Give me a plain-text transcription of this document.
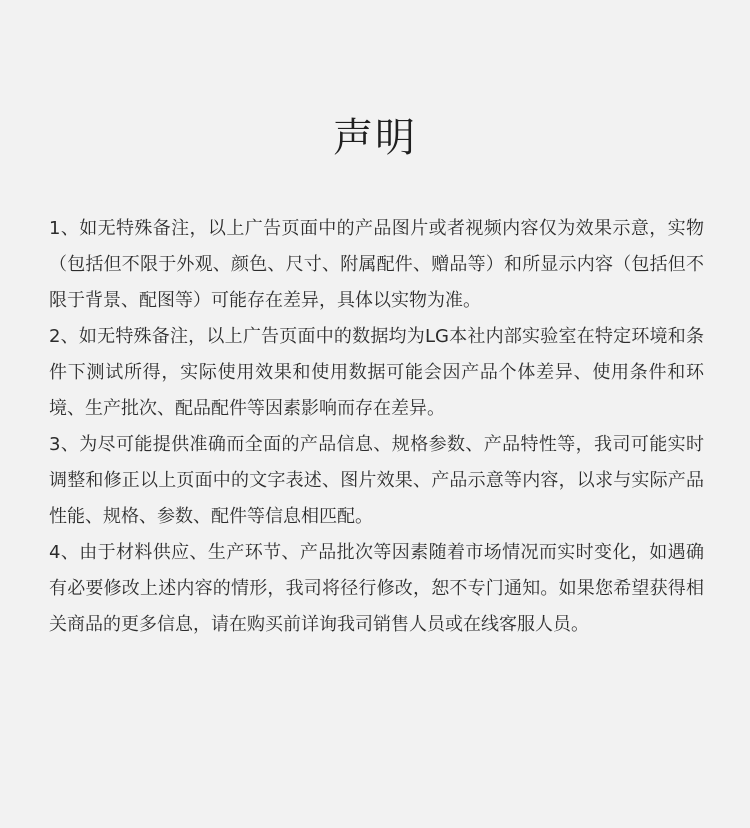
声明

1、如无特殊备注，以上广告页面中的产品图片或者视频内容仅为效果示意，实物（包括但不限于外观、颜色、尺寸、附属配件、赠品等）和所显示内容（包括但不限于背景、配图等）可能存在差异，具体以实物为准。

2、如无特殊备注，以上广告页面中的数据均为LG本社内部实验室在特定环境和条件下测试所得，实际使用效果和使用数据可能会因产品个体差异、使用条件和环境、生产批次、配品配件等因素影响而存在差异。

3、为尽可能提供准确而全面的产品信息、规格参数、产品特性等，我司可能实时调整和修正以上页面中的文字表述、图片效果、产品示意等内容，以求与实际产品性能、规格、参数、配件等信息相匹配。

4、由于材料供应、生产环节、产品批次等因素随着市场情况而实时变化，如遇确有必要修改上述内容的情形，我司将径行修改，恕不专门通知。如果您希望获得相关商品的更多信息，请在购买前详询我司销售人员或在线客服人员。
